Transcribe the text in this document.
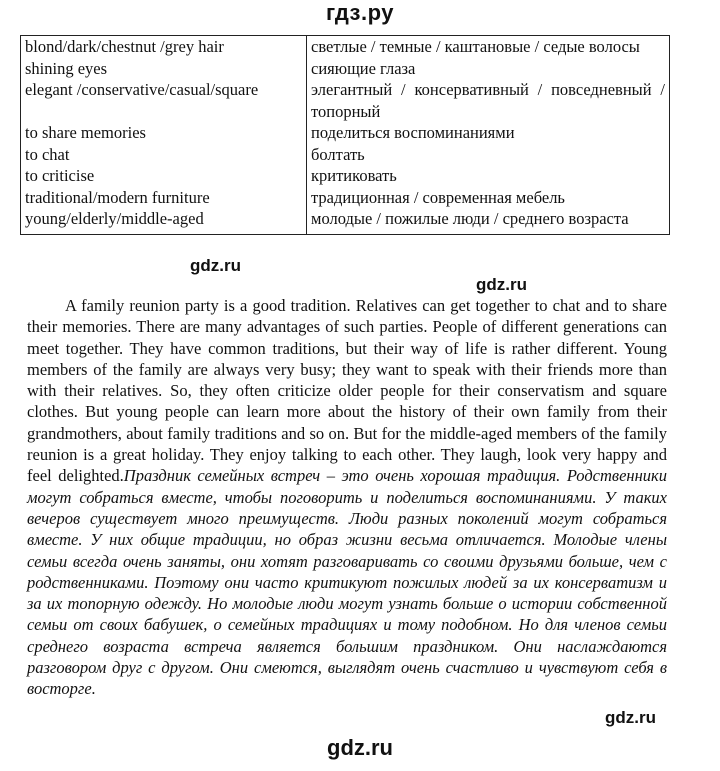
гдз.ру
blond/dark/chestnut /grey hair	светлые / темные / каштановые / седые волосы
shining eyes	сияющие глаза
elegant /conservative/casual/square	элегантный / консервативный / повседневный / топорный
to share memories	поделиться воспоминаниями
to chat	болтать
to criticise	критиковать
traditional/modern furniture	традиционная / современная мебель
young/elderly/middle-aged	молодые / пожилые люди / среднего возраста
gdz.ru
gdz.ru

A family reunion party is a good tradition. Relatives can get together to chat and to share their memories. There are many advantages of such parties. People of different generations can meet together. They have common traditions, but their way of life is rather different. Young members of the family are always very busy; they want to speak with their friends more than with their relatives. So, they often criticize older people for their conservatism and square clothes. But young people can learn more about the history of their own family from their grandmothers, about family traditions and so on. But for the middle-aged members of the family reunion is a great holiday. They enjoy talking to each other. They laugh, look very happy and feel delighted.Праздник семейных встреч – это очень хорошая традиция. Родственники могут собраться вместе, чтобы поговорить и поделиться воспоминаниями. У таких вечеров существует много преимуществ. Люди разных поколений могут собраться вместе. У них общие традиции, но образ жизни весьма отличается. Молодые члены семьи всегда очень заняты, они хотят разговаривать со своими друзьями больше, чем с родственниками. Поэтому они часто критикуют пожилых людей за их консерватизм и за их топорную одежду. Но молодые люди могут узнать больше о истории собственной семьи от своих бабушек, о семейных традициях и тому подобном. Но для членов семьи среднего возраста встреча является большим праздником. Они наслаждаются разговором друг с другом. Они смеются, выглядят очень счастливо и чувствуют себя в восторге.

gdz.ru
gdz.ru
